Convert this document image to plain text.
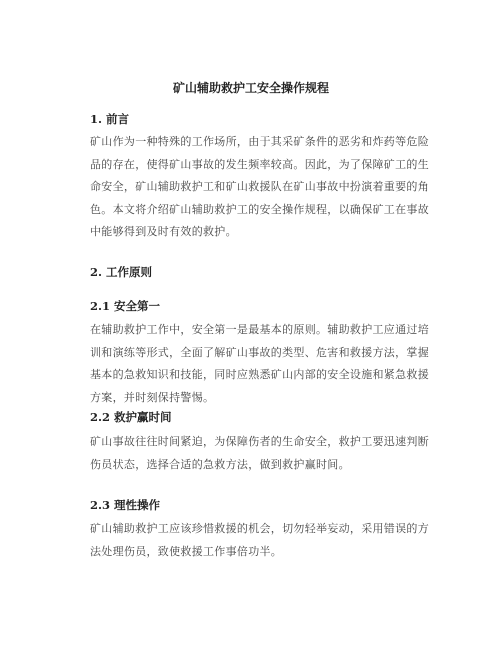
矿山辅助救护工安全操作规程
1. 前言

矿山作为一种特殊的工作场所，由于其采矿条件的恶劣和炸药等危险品的存在，使得矿山事故的发生频率较高。因此，为了保障矿工的生命安全，矿山辅助救护工和矿山救援队在矿山事故中扮演着重要的角色。本文将介绍矿山辅助救护工的安全操作规程，以确保矿工在事故中能够得到及时有效的救护。

2. 工作原则
2.1 安全第一

在辅助救护工作中，安全第一是最基本的原则。辅助救护工应通过培训和演练等形式，全面了解矿山事故的类型、危害和救援方法，掌握基本的急救知识和技能，同时应熟悉矿山内部的安全设施和紧急救援方案，并时刻保持警惕。

2.2 救护赢时间

矿山事故往往时间紧迫，为保障伤者的生命安全，救护工要迅速判断伤员状态，选择合适的急救方法，做到救护赢时间。

2.3 理性操作

矿山辅助救护工应该珍惜救援的机会，切勿轻举妄动，采用错误的方法处理伤员，致使救援工作事倍功半。
